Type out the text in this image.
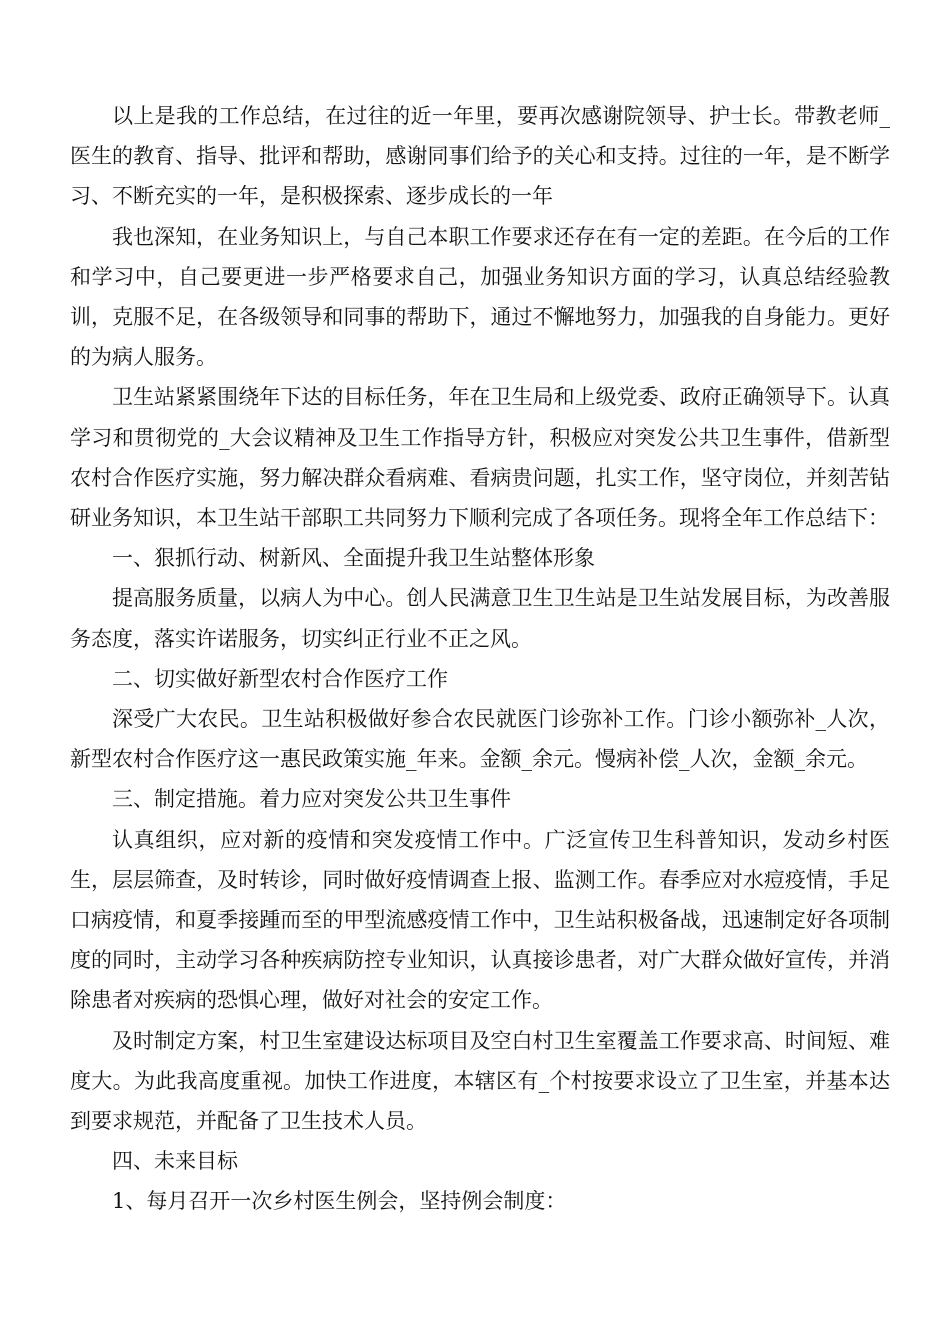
以上是我的工作总结，在过往的近一年里，要再次感谢院领导、护士长。带教老师_医生的教育、指导、批评和帮助，感谢同事们给予的关心和支持。过往的一年，是不断学习、不断充实的一年，是积极探索、逐步成长的一年

我也深知，在业务知识上，与自己本职工作要求还存在有一定的差距。在今后的工作和学习中，自己要更进一步严格要求自己，加强业务知识方面的学习，认真总结经验教训，克服不足，在各级领导和同事的帮助下，通过不懈地努力，加强我的自身能力。更好的为病人服务。

卫生站紧紧围绕年下达的目标任务，年在卫生局和上级党委、政府正确领导下。认真学习和贯彻党的_大会议精神及卫生工作指导方针，积极应对突发公共卫生事件，借新型农村合作医疗实施，努力解决群众看病难、看病贵问题，扎实工作，坚守岗位，并刻苦钻研业务知识，本卫生站干部职工共同努力下顺利完成了各项任务。现将全年工作总结下：

一、狠抓行动、树新风、全面提升我卫生站整体形象

提高服务质量，以病人为中心。创人民满意卫生卫生站是卫生站发展目标，为改善服务态度，落实许诺服务，切实纠正行业不正之风。

二、切实做好新型农村合作医疗工作

深受广大农民。卫生站积极做好参合农民就医门诊弥补工作。门诊小额弥补_人次，新型农村合作医疗这一惠民政策实施_年来。金额_余元。慢病补偿_人次，金额_余元。

三、制定措施。着力应对突发公共卫生事件

认真组织，应对新的疫情和突发疫情工作中。广泛宣传卫生科普知识，发动乡村医生，层层筛查，及时转诊，同时做好疫情调查上报、监测工作。春季应对水痘疫情，手足口病疫情，和夏季接踵而至的甲型流感疫情工作中，卫生站积极备战，迅速制定好各项制度的同时，主动学习各种疾病防控专业知识，认真接诊患者，对广大群众做好宣传，并消除患者对疾病的恐惧心理，做好对社会的安定工作。

及时制定方案，村卫生室建设达标项目及空白村卫生室覆盖工作要求高、时间短、难度大。为此我高度重视。加快工作进度，本辖区有_个村按要求设立了卫生室，并基本达到要求规范，并配备了卫生技术人员。

四、未来目标

1、每月召开一次乡村医生例会，坚持例会制度：
